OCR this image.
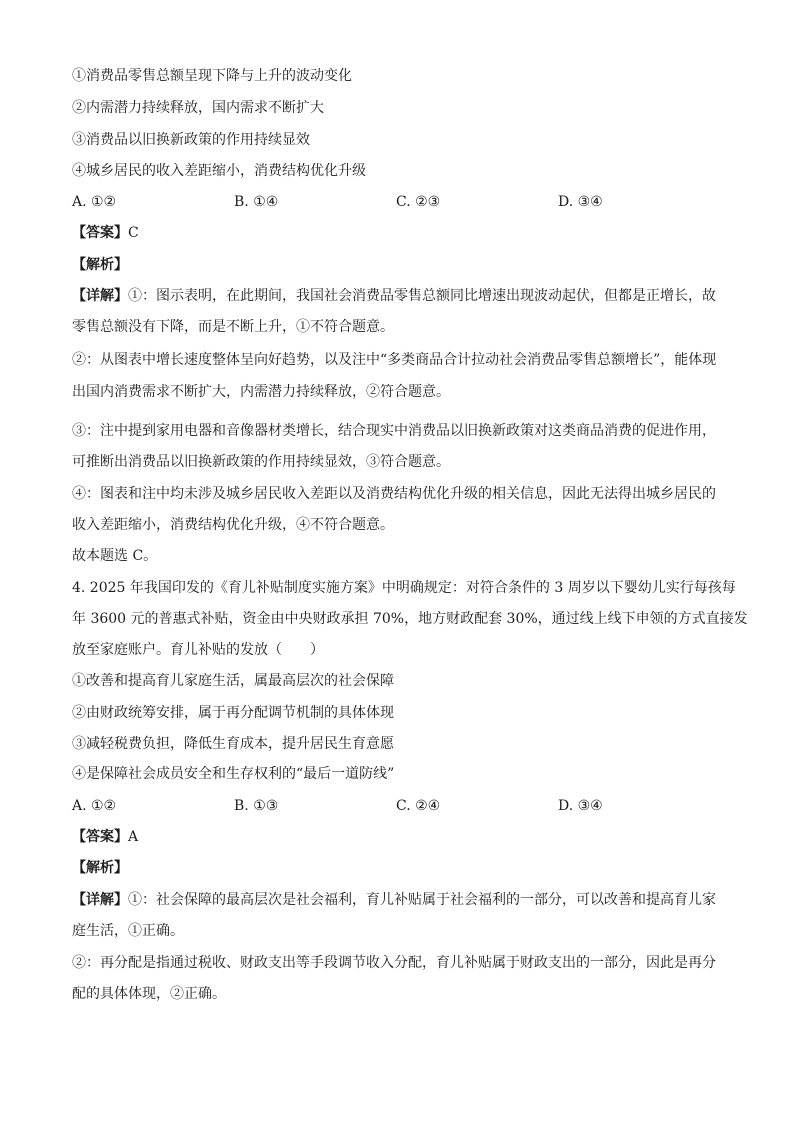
①消费品零售总额呈现下降与上升的波动变化
②内需潜力持续释放，国内需求不断扩大
③消费品以旧换新政策的作用持续显效
④城乡居民的收入差距缩小，消费结构优化升级
A. ①②	B. ①④	C. ②③	D. ③④
【答案】C
【解析】
【详解】①：图示表明，在此期间，我国社会消费品零售总额同比增速出现波动起伏，但都是正增长，故
零售总额没有下降，而是不断上升，①不符合题意。
②：从图表中增长速度整体呈向好趋势，以及注中“多类商品合计拉动社会消费品零售总额增长”，能体现
出国内消费需求不断扩大，内需潜力持续释放，②符合题意。
③：注中提到家用电器和音像器材类增长，结合现实中消费品以旧换新政策对这类商品消费的促进作用，
可推断出消费品以旧换新政策的作用持续显效，③符合题意。
④：图表和注中均未涉及城乡居民收入差距以及消费结构优化升级的相关信息，因此无法得出城乡居民的
收入差距缩小，消费结构优化升级，④不符合题意。
故本题选 C。
4. 2025 年我国印发的《育儿补贴制度实施方案》中明确规定：对符合条件的 3 周岁以下婴幼儿实行每孩每
年 3600 元的普惠式补贴，资金由中央财政承担 70%，地方财政配套 30%，通过线上线下申领的方式直接发
放至家庭账户。育儿补贴的发放（　　）
①改善和提高育儿家庭生活，属最高层次的社会保障
②由财政统筹安排，属于再分配调节机制的具体体现
③减轻税费负担，降低生育成本，提升居民生育意愿
④是保障社会成员安全和生存权利的“最后一道防线”
A. ①②	B. ①③	C. ②④	D. ③④
【答案】A
【解析】
【详解】①：社会保障的最高层次是社会福利，育儿补贴属于社会福利的一部分，可以改善和提高育儿家
庭生活，①正确。
②：再分配是指通过税收、财政支出等手段调节收入分配，育儿补贴属于财政支出的一部分，因此是再分
配的具体体现，②正确。
